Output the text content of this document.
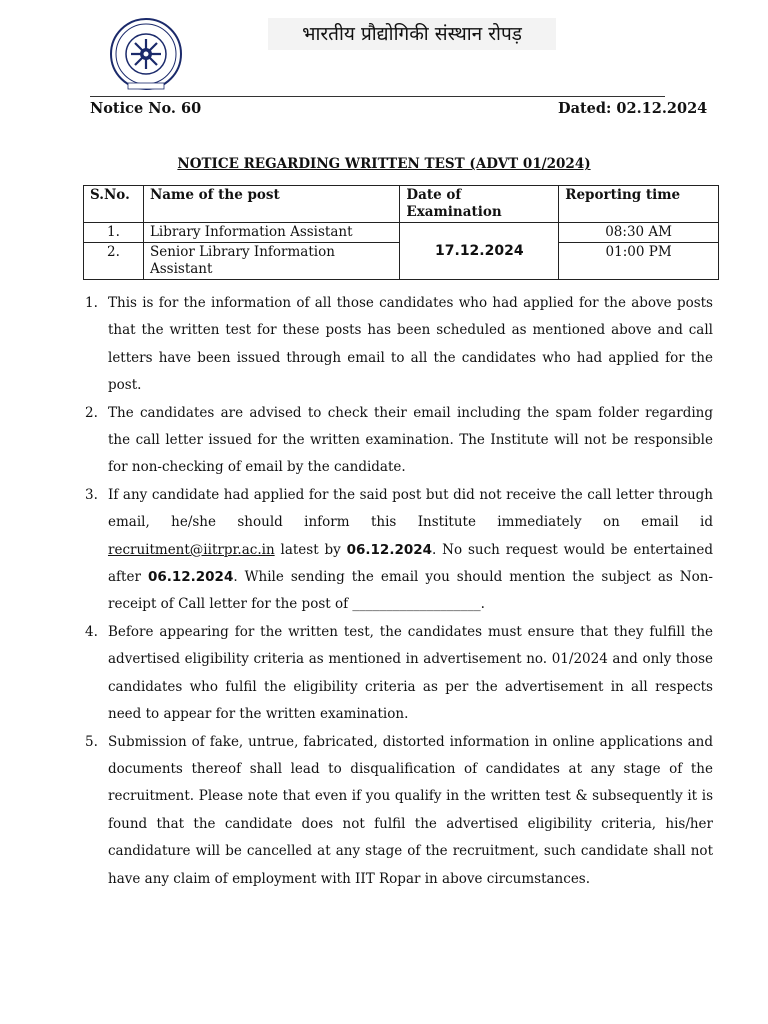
भारतीय प्रौद्योगिकी संस्थान रोपड़
Notice No. 60	Dated: 02.12.2024
NOTICE REGARDING WRITTEN TEST (ADVT 01/2024)
S.No.	Name of the post	Date of Examination	Reporting time
1.	Library Information Assistant	17.12.2024	08:30 AM
2.	Senior Library Information Assistant		01:00 PM
1. This is for the information of all those candidates who had applied for the above posts that the written test for these posts has been scheduled as mentioned above and call letters have been issued through email to all the candidates who had applied for the post.
2. The candidates are advised to check their email including the spam folder regarding the call letter issued for the written examination. The Institute will not be responsible for non-checking of email by the candidate.
3. If any candidate had applied for the said post but did not receive the call letter through email, he/she should inform this Institute immediately on email id recruitment@iitrpr.ac.in latest by 06.12.2024. No such request would be entertained after 06.12.2024. While sending the email you should mention the subject as Non-receipt of Call letter for the post of ___________________.
4. Before appearing for the written test, the candidates must ensure that they fulfill the advertised eligibility criteria as mentioned in advertisement no. 01/2024 and only those candidates who fulfil the eligibility criteria as per the advertisement in all respects need to appear for the written examination.
5. Submission of fake, untrue, fabricated, distorted information in online applications and documents thereof shall lead to disqualification of candidates at any stage of the recruitment. Please note that even if you qualify in the written test & subsequently it is found that the candidate does not fulfil the advertised eligibility criteria, his/her candidature will be cancelled at any stage of the recruitment, such candidate shall not have any claim of employment with IIT Ropar in above circumstances.
